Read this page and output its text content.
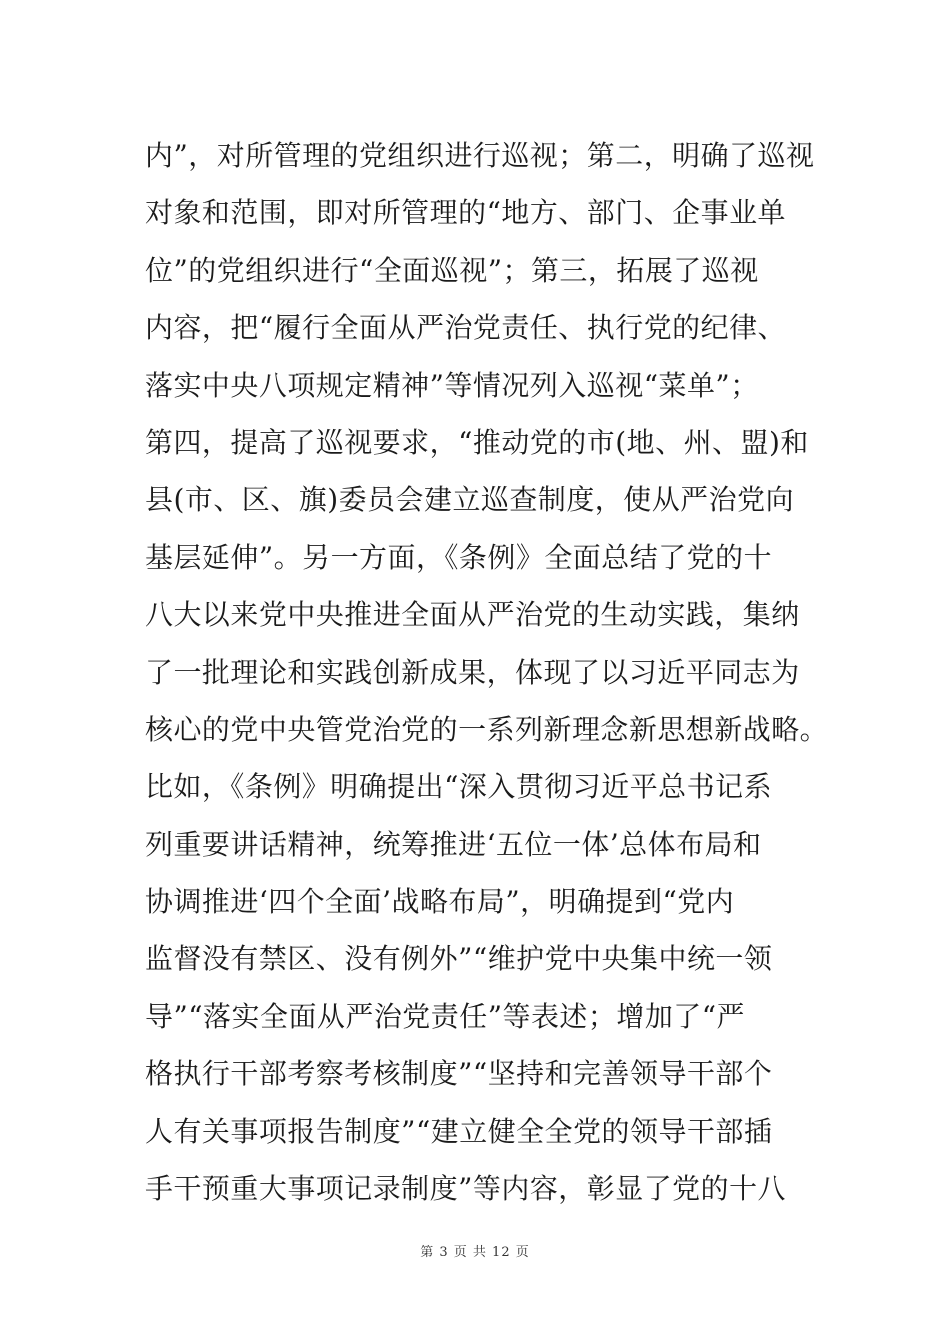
内”，对所管理的党组织进行巡视；第二，明确了巡视
对象和范围，即对所管理的“地方、部门、企事业单
位”的党组织进行“全面巡视”；第三，拓展了巡视
内容，把“履行全面从严治党责任、执行党的纪律、
落实中央八项规定精神”等情况列入巡视“菜单”；
第四，提高了巡视要求，“推动党的市(地、州、盟)和
县(市、区、旗)委员会建立巡查制度，使从严治党向
基层延伸”。另一方面，《条例》全面总结了党的十
八大以来党中央推进全面从严治党的生动实践，集纳
了一批理论和实践创新成果，体现了以习近平同志为
核心的党中央管党治党的一系列新理念新思想新战略。
比如，《条例》明确提出“深入贯彻习近平总书记系
列重要讲话精神，统筹推进‘五位一体’总体布局和
协调推进‘四个全面’战略布局”，明确提到“党内
监督没有禁区、没有例外”“维护党中央集中统一领
导”“落实全面从严治党责任”等表述；增加了“严
格执行干部考察考核制度”“坚持和完善领导干部个
人有关事项报告制度”“建立健全全党的领导干部插
手干预重大事项记录制度”等内容，彰显了党的十八
第 3 页 共 12 页
